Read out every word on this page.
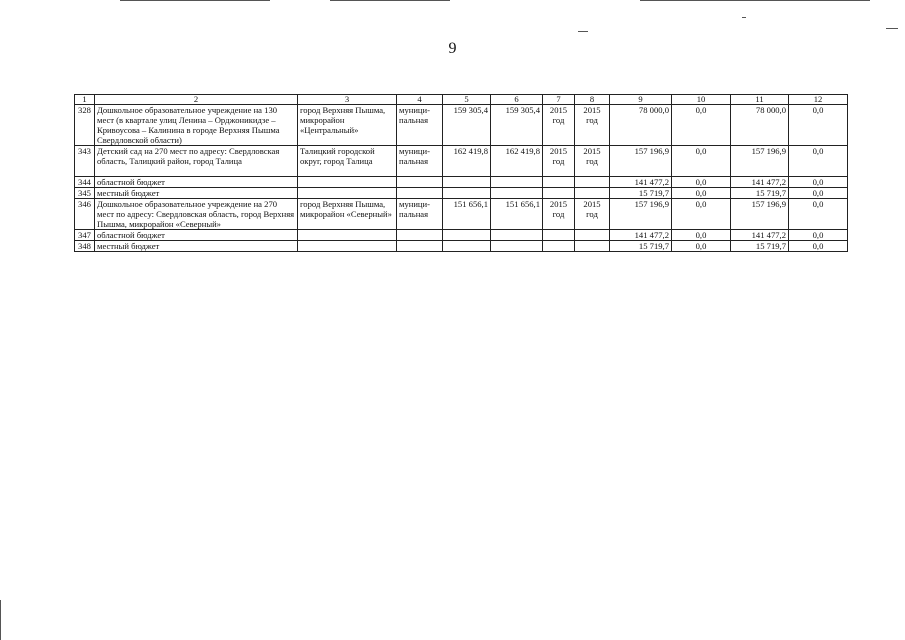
9
1	2	3	4	5	6	7	8	9	10	11	12
328	Дошкольное образовательное учреждение на 130 мест (в квартале улиц Ленина – Орджоникидзе – Кривоусова – Калинина в городе Верхняя Пышма Свердловской области)	город Верхняя Пышма, микрорайон «Центральный»	муници-пальная	159 305,4	159 305,4	2015 год	2015 год	78 000,0	0,0	78 000,0	0,0
343	Детский сад на 270 мест по адресу: Свердловская область, Талицкий район, город Талица	Талицкий городской округ, город Талица	муници-пальная	162 419,8	162 419,8	2015 год	2015 год	157 196,9	0,0	157 196,9	0,0
344	областной бюджет							141 477,2	0,0	141 477,2	0,0
345	местный бюджет							15 719,7	0,0	15 719,7	0,0
346	Дошкольное образовательное учреждение на 270 мест по адресу: Свердловская область, город Верхняя Пышма, микрорайон «Северный»	город Верхняя Пышма, микрорайон «Северный»	муници-пальная	151 656,1	151 656,1	2015 год	2015 год	157 196,9	0,0	157 196,9	0,0
347	областной бюджет							141 477,2	0,0	141 477,2	0,0
348	местный бюджет							15 719,7	0,0	15 719,7	0,0
